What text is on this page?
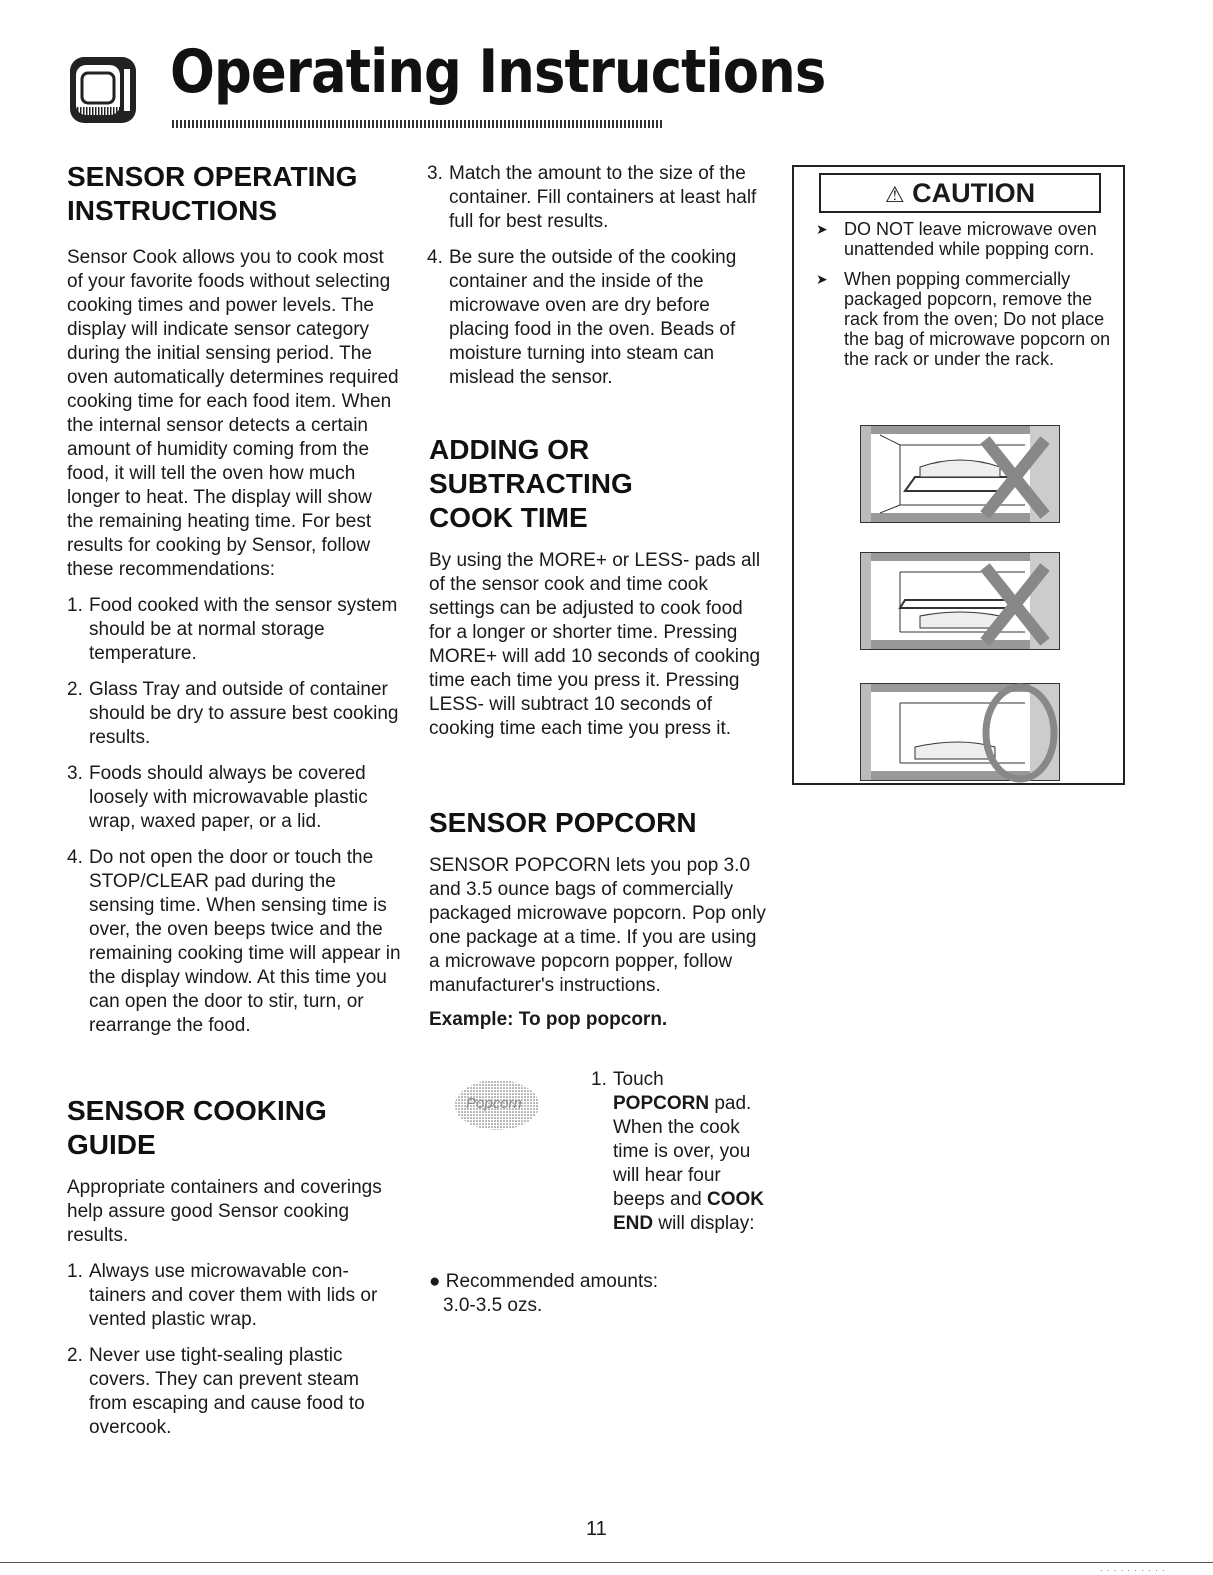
Operating Instructions
SENSOR OPERATING INSTRUCTIONS

Sensor Cook allows you to cook most of your favorite foods without selecting cooking times and power levels. The display will indicate sensor category during the initial sensing period. The oven automatically determines required cooking time for each food item. When the internal sensor detects a certain amount of humidity coming from the food, it will tell the oven how much longer to heat. The display will show the remaining heating time. For best results for cooking by Sensor, follow these recommendations:

1. Food cooked with the sensor system should be at normal storage temperature.
2. Glass Tray and outside of container should be dry to assure best cooking results.
3. Foods should always be covered loosely with microwavable plastic wrap, waxed paper, or a lid.
4. Do not open the door or touch the STOP/CLEAR pad during the sensing time. When sensing time is over, the oven beeps twice and the remaining cooking time will appear in the display window. At this time you can open the door to stir, turn, or rearrange the food.
SENSOR COOKING GUIDE

Appropriate containers and coverings help assure good Sensor cooking results.

1. Always use microwavable con-tainers and cover them with lids or vented plastic wrap.
2. Never use tight-sealing plastic covers. They can prevent steam from escaping and cause food to overcook.
3. Match the amount to the size of the container. Fill containers at least half full for best results.
4. Be sure the outside of the cooking container and the inside of the microwave oven are dry before placing food in the oven. Beads of moisture turning into steam can mislead the sensor.
ADDING OR SUBTRACTING COOK TIME

By using the MORE+ or LESS- pads all of the sensor cook and time cook settings can be adjusted to cook food for a longer or shorter time. Pressing MORE+ will add 10 seconds of cooking time each time you press it. Pressing LESS- will subtract 10 seconds of cooking time each time you press it.

SENSOR POPCORN

SENSOR POPCORN lets you pop 3.0 and 3.5 ounce bags of commercially packaged microwave popcorn. Pop only one package at a time. If you are using a microwave popcorn popper, follow manufacturer's instructions.

Example: To pop popcorn.

Popcorn
1. Touch
POPCORN pad. When the cook time is over, you will hear four beeps and COOK END will display:
● Recommended amounts:
3.0-3.5 ozs.
⚠ CAUTION
➤ DO NOT leave microwave oven unattended while popping corn.
➤ When popping commercially packaged popcorn, remove the rack from the oven; Do not place the bag of microwave popcorn on the rack or under the rack.
11
· · · · · · · · · ·
